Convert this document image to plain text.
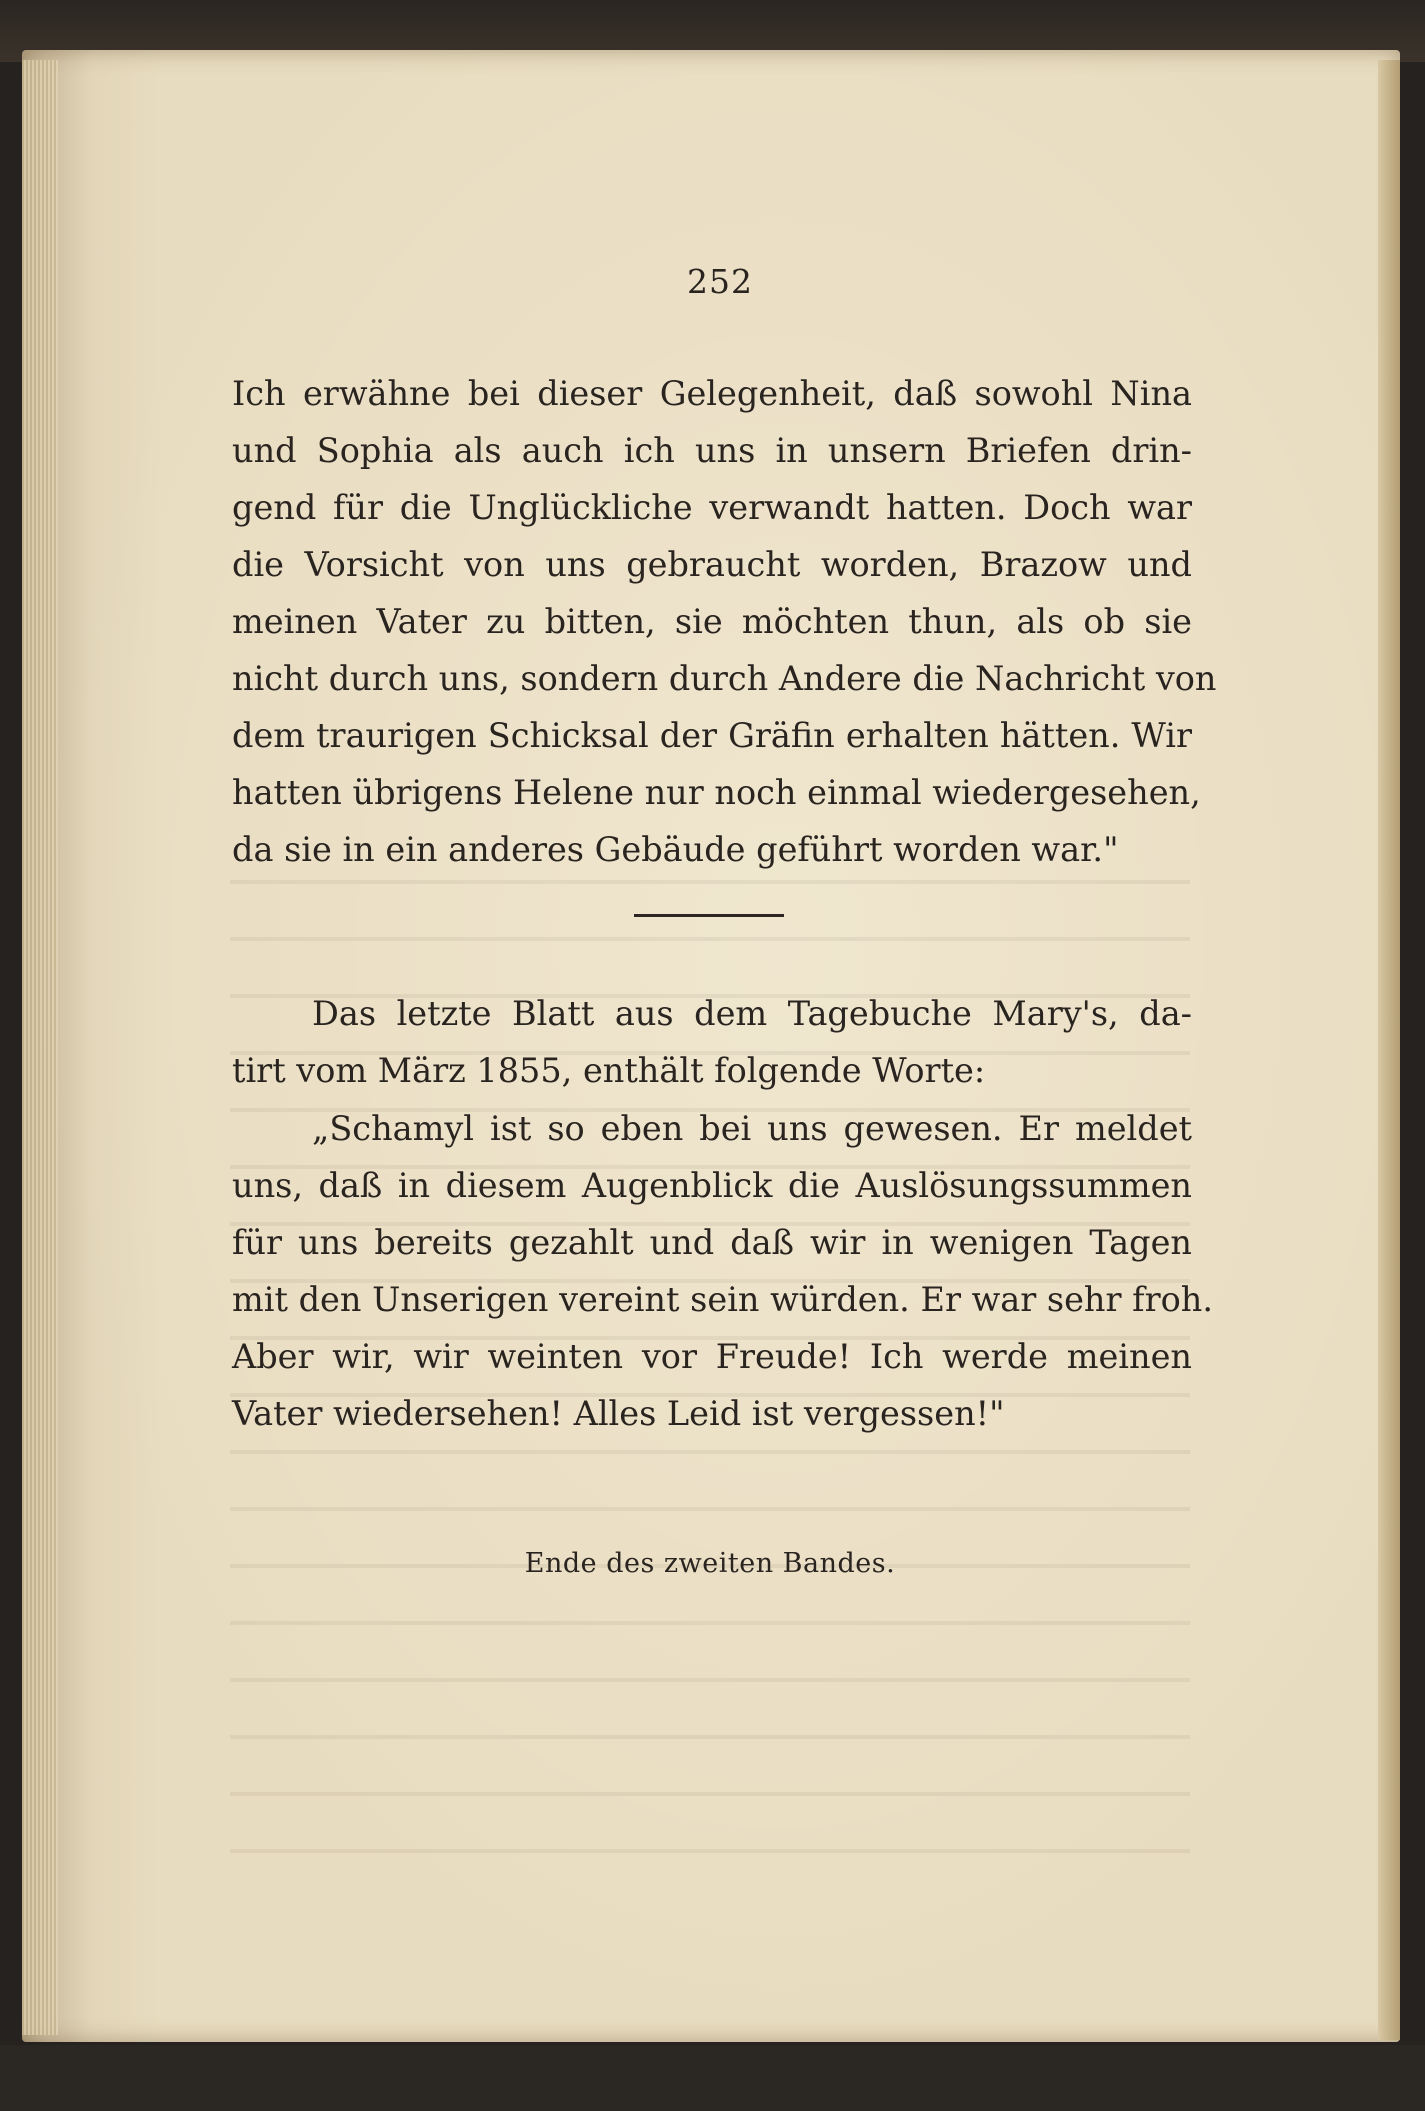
252
Ich erwähne bei dieser Gelegenheit, daß sowohl Nina
und Sophia als auch ich uns in unsern Briefen drin-
gend für die Unglückliche verwandt hatten. Doch war
die Vorsicht von uns gebraucht worden, Brazow und
meinen Vater zu bitten, sie möchten thun, als ob sie
nicht durch uns, sondern durch Andere die Nachricht von
dem traurigen Schicksal der Gräfin erhalten hätten. Wir
hatten übrigens Helene nur noch einmal wiedergesehen,
da sie in ein anderes Gebäude geführt worden war."
Das letzte Blatt aus dem Tagebuche Mary's, da-
tirt vom März 1855, enthält folgende Worte:
„Schamyl ist so eben bei uns gewesen. Er meldet
uns, daß in diesem Augenblick die Auslösungssummen
für uns bereits gezahlt und daß wir in wenigen Tagen
mit den Unserigen vereint sein würden. Er war sehr froh.
Aber wir, wir weinten vor Freude! Ich werde meinen
Vater wiedersehen! Alles Leid ist vergessen!"
Ende des zweiten Bandes.
